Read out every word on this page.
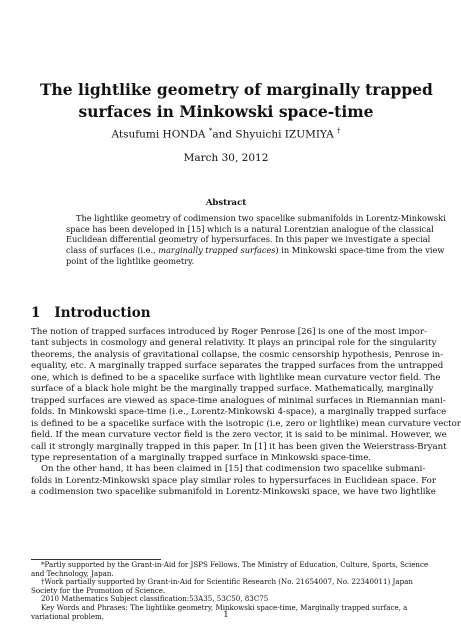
The lightlike geometry of marginally trapped
surfaces in Minkowski space-time
Atsufumi HONDA *and Shyuichi IZUMIYA †
March 30, 2012
Abstract
The lightlike geometry of codimension two spacelike submanifolds in Lorentz-Minkowski
space has been developed in [15] which is a natural Lorentzian analogue of the classical
Euclidean differential geometry of hypersurfaces. In this paper we investigate a special
class of surfaces (i.e., marginally trapped surfaces) in Minkowski space-time from the view
point of the lightlike geometry.
1 Introduction
The notion of trapped surfaces introduced by Roger Penrose [26] is one of the most impor-
tant subjects in cosmology and general relativity. It plays an principal role for the singularity
theorems, the analysis of gravitational collapse, the cosmic censorship hypothesis, Penrose in-
equality, etc. A marginally trapped surface separates the trapped surfaces from the untrapped
one, which is defined to be a spacelike surface with lightlike mean curvature vector field. The
surface of a black hole might be the marginally trapped surface. Mathematically, marginally
trapped surfaces are viewed as space-time analogues of minimal surfaces in Riemannian mani-
folds. In Minkowski space-time (i.e., Lorentz-Minkowski 4-space), a marginally trapped surface
is defined to be a spacelike surface with the isotropic (i.e, zero or lightlike) mean curvature vector
field. If the mean curvature vector field is the zero vector, it is said to be minimal. However, we
call it strongly marginally trapped in this paper. In [1] it has been given the Weierstrass-Bryant
type representation of a marginally trapped surface in Minkowski space-time.
On the other hand, it has been claimed in [15] that codimension two spacelike submani-
folds in Lorentz-Minkowski space play similar roles to hypersurfaces in Euclidean space. For
a codimension two spacelike submanifold in Lorentz-Minkowski space, we have two lightlike
*Partly supported by the Grant-in-Aid for JSPS Fellows, The Ministry of Education, Culture, Sports, Science
and Technology, Japan.
†Work partially supported by Grant-in-Aid for Scientific Research (No. 21654007, No. 22340011) Japan
Society for the Promotion of Science.
2010 Mathematics Subject classification:53A35, 53C50, 83C75
Key Words and Phrases: The lightlike geometry, Minkowski space-time, Marginally trapped surface, a
variational problem,	1
